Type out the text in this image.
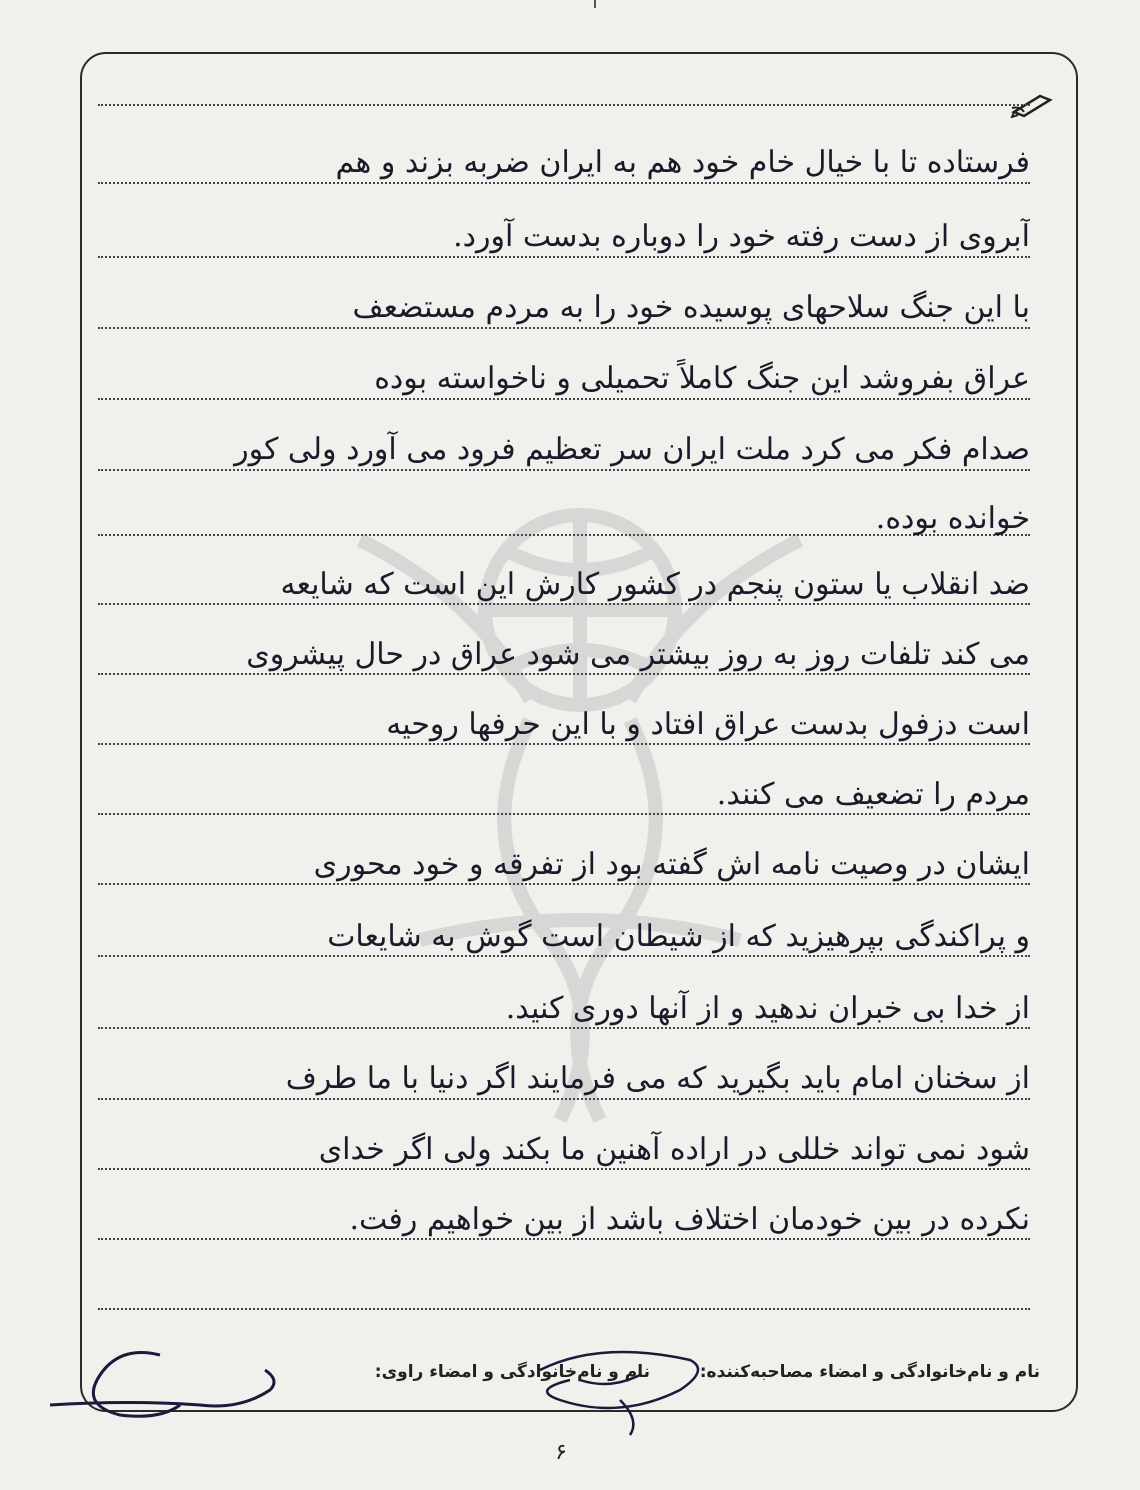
فرستاده تا با خیال خام خود هم به ایران ضربه بزند و هم
آبروی از دست رفته خود را دوباره بدست آورد.
با این جنگ سلاحهای پوسیده خود را به مردم مستضعف
عراق بفروشد این جنگ کاملاً تحمیلی و ناخواسته بوده
صدام فکر می کرد ملت ایران سر تعظیم فرود می آورد ولی کور
خوانده بوده.
ضد انقلاب یا ستون پنجم در کشور کارش این است که شایعه
می کند تلفات روز به روز بیشتر می شود عراق در حال پیشروی
است دزفول بدست عراق افتاد و با این حرفها روحیه
مردم را تضعیف می کنند.
ایشان در وصیت نامه اش گفته بود از تفرقه و خود محوری
و پراکندگی بپرهیزید که از شیطان است گوش به شایعات
از خدا بی خبران ندهید و از آنها دوری کنید.
از سخنان امام باید بگیرید که می فرمایند اگر دنیا با ما طرف
شود نمی تواند خللی در اراده آهنین ما بکند ولی اگر خدای
نکرده در بین خودمان اختلاف باشد از بین خواهیم رفت.
نام و نام‌خانوادگی و امضاء مصاحبه‌کننده:
نام و نام‌خانوادگی و امضاء راوی:
۶
